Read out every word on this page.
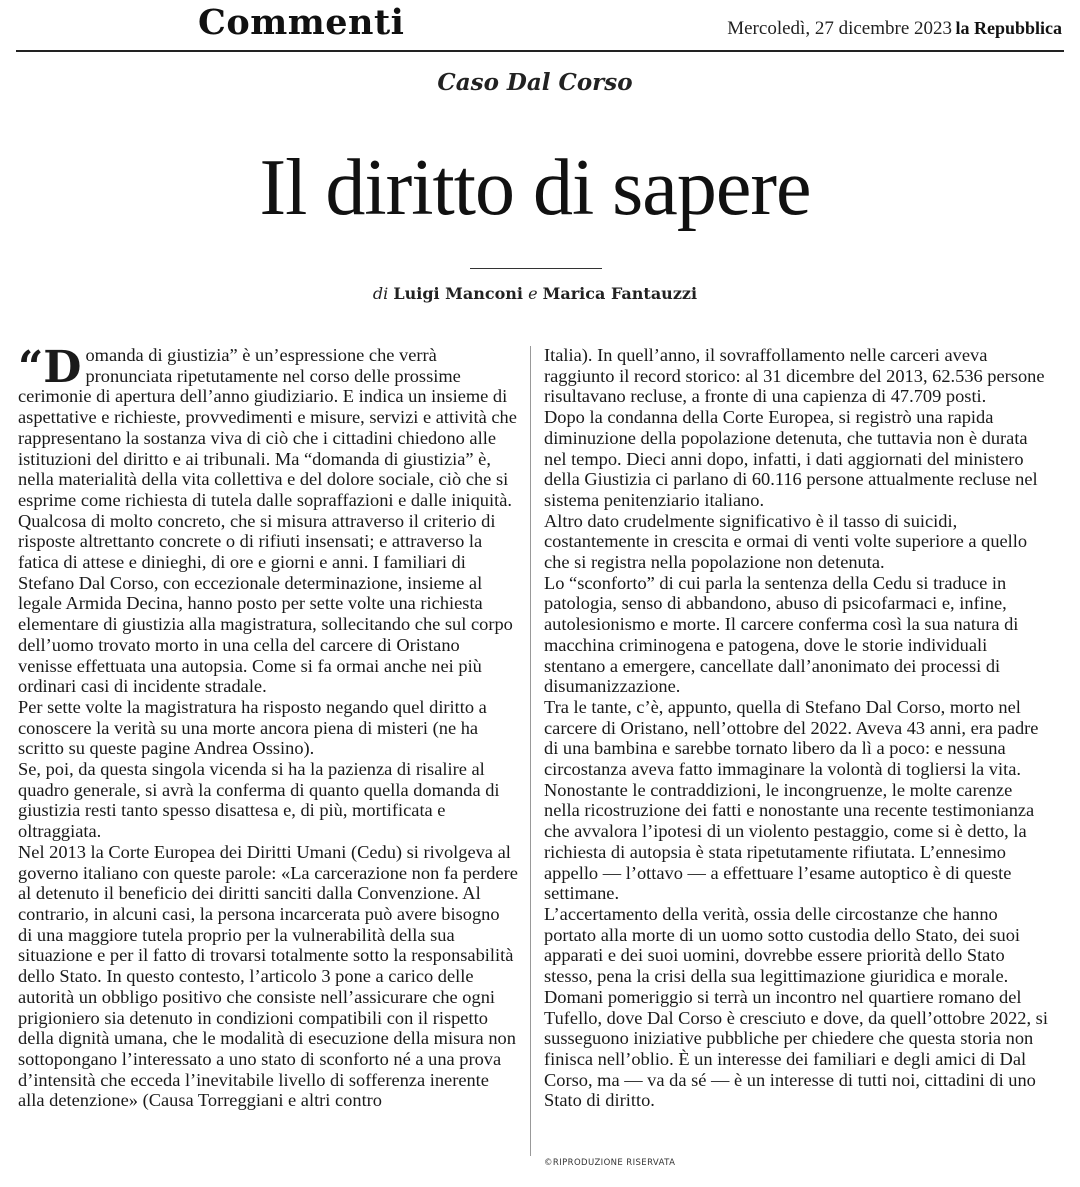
Commenti	Mercoledì, 27 dicembre 2023 la Repubblica
Caso Dal Corso
Il diritto di sapere
di Luigi Manconi e Marica Fantauzzi
“D omanda di giustizia” è un’espressione che verrà pronunciata ripetutamente nel corso delle prossime cerimonie di apertura dell’anno giudiziario. E indica un insieme di aspettative e richieste, provvedimenti e misure, servizi e attività che rappresentano la sostanza viva di ciò che i cittadini chiedono alle istituzioni del diritto e ai tribunali. Ma “domanda di giustizia” è, nella materialità della vita collettiva e del dolore sociale, ciò che si esprime come richiesta di tutela dalle sopraffazioni e dalle iniquità.

Qualcosa di molto concreto, che si misura attraverso il criterio di risposte altrettanto concrete o di rifiuti insensati; e attraverso la fatica di attese e dinieghi, di ore e giorni e anni. I familiari di Stefano Dal Corso, con eccezionale determinazione, insieme al legale Armida Decina, hanno posto per sette volte una richiesta elementare di giustizia alla magistratura, sollecitando che sul corpo dell’uomo trovato morto in una cella del carcere di Oristano venisse effettuata una autopsia. Come si fa ormai anche nei più ordinari casi di incidente stradale.

Per sette volte la magistratura ha risposto negando quel diritto a conoscere la verità su una morte ancora piena di misteri (ne ha scritto su queste pagine Andrea Ossino).

Se, poi, da questa singola vicenda si ha la pazienza di risalire al quadro generale, si avrà la conferma di quanto quella domanda di giustizia resti tanto spesso disattesa e, di più, mortificata e oltraggiata.

Nel 2013 la Corte Europea dei Diritti Umani (Cedu) si rivolgeva al governo italiano con queste parole: «La carcerazione non fa perdere al detenuto il beneficio dei diritti sanciti dalla Convenzione. Al contrario, in alcuni casi, la persona incarcerata può avere bisogno di una maggiore tutela proprio per la vulnerabilità della sua situazione e per il fatto di trovarsi totalmente sotto la responsabilità dello Stato. In questo contesto, l’articolo 3 pone a carico delle autorità un obbligo positivo che consiste nell’assicurare che ogni prigioniero sia detenuto in condizioni compatibili con il rispetto della dignità umana, che le modalità di esecuzione della misura non sottopongano l’interessato a uno stato di sconforto né a una prova d’intensità che ecceda l’inevitabile livello di sofferenza inerente alla detenzione» (Causa Torreggiani e altri contro

Italia). In quell’anno, il sovraffollamento nelle carceri aveva raggiunto il record storico: al 31 dicembre del 2013, 62.536 persone risultavano recluse, a fronte di una capienza di 47.709 posti.

Dopo la condanna della Corte Europea, si registrò una rapida diminuzione della popolazione detenuta, che tuttavia non è durata nel tempo. Dieci anni dopo, infatti, i dati aggiornati del ministero della Giustizia ci parlano di 60.116 persone attualmente recluse nel sistema penitenziario italiano.

Altro dato crudelmente significativo è il tasso di suicidi, costantemente in crescita e ormai di venti volte superiore a quello che si registra nella popolazione non detenuta.

Lo “sconforto” di cui parla la sentenza della Cedu si traduce in patologia, senso di abbandono, abuso di psicofarmaci e, infine, autolesionismo e morte. Il carcere conferma così la sua natura di macchina criminogena e patogena, dove le storie individuali stentano a emergere, cancellate dall’anonimato dei processi di disumanizzazione.

Tra le tante, c’è, appunto, quella di Stefano Dal Corso, morto nel carcere di Oristano, nell’ottobre del 2022. Aveva 43 anni, era padre di una bambina e sarebbe tornato libero da lì a poco: e nessuna circostanza aveva fatto immaginare la volontà di togliersi la vita.

Nonostante le contraddizioni, le incongruenze, le molte carenze nella ricostruzione dei fatti e nonostante una recente testimonianza che avvalora l’ipotesi di un violento pestaggio, come si è detto, la richiesta di autopsia è stata ripetutamente rifiutata. L’ennesimo appello — l’ottavo — a effettuare l’esame autoptico è di queste settimane.

L’accertamento della verità, ossia delle circostanze che hanno portato alla morte di un uomo sotto custodia dello Stato, dei suoi apparati e dei suoi uomini, dovrebbe essere priorità dello Stato stesso, pena la crisi della sua legittimazione giuridica e morale. Domani pomeriggio si terrà un incontro nel quartiere romano del Tufello, dove Dal Corso è cresciuto e dove, da quell’ottobre 2022, si susseguono iniziative pubbliche per chiedere che questa storia non finisca nell’oblio. È un interesse dei familiari e degli amici di Dal Corso, ma — va da sé — è un interesse di tutti noi, cittadini di uno Stato di diritto.

©RIPRODUZIONE RISERVATA
